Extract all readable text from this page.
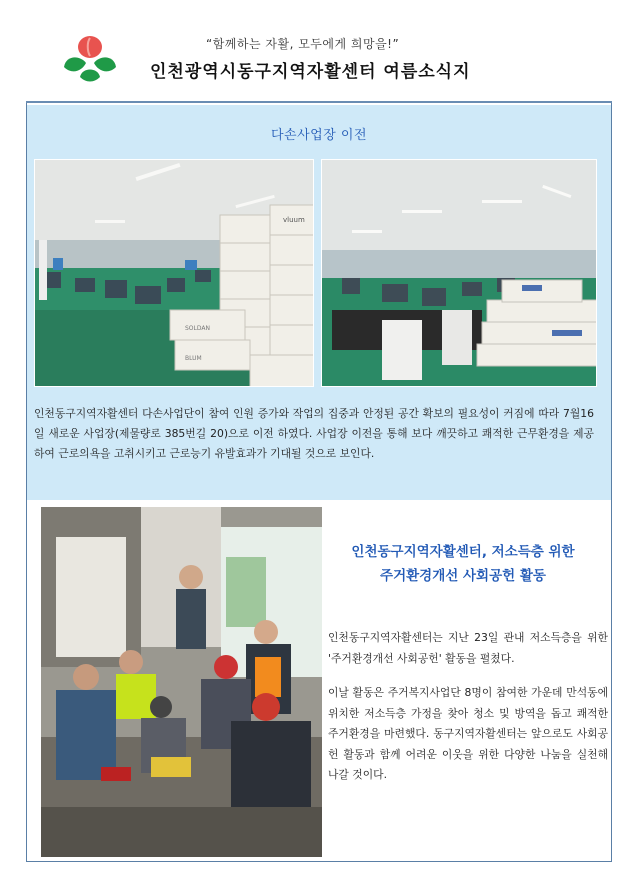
“함께하는 자활, 모두에게 희망을!”
인천광역시동구지역자활센터 여름소식지
다손사업장 이전
vluum
SOLDAN
BLUM
인천동구지역자활센터 다손사업단이 참여 인원 증가와 작업의 집중과 안정된 공간 확보의 필요성이 커짐에 따라 7월16일 새로운 사업장(제물량로 385번길 20)으로 이전 하였다. 사업장 이전을 통해 보다 깨끗하고 쾌적한 근무환경을 제공하여 근로의욕을 고취시키고 근로능기 유발효과가 기대될 것으로 보인다.
인천동구지역자활센터, 저소득층 위한
주거환경개선 사회공헌 활동

인천동구지역자활센터는 지난 23일 관내 저소득층을 위한 '주거환경개선 사회공헌' 활동을 펼쳤다.

이날 활동은 주거복지사업단 8명이 참여한 가운데 만석동에 위치한 저소득층 가정을 찾아 청소 및 방역을 돕고 쾌적한 주거환경을 마련했다. 동구지역자활센터는 앞으로도 사회공헌 활동과 함께 어려운 이웃을 위한 다양한 나눔을 실천해 나갈 것이다.
